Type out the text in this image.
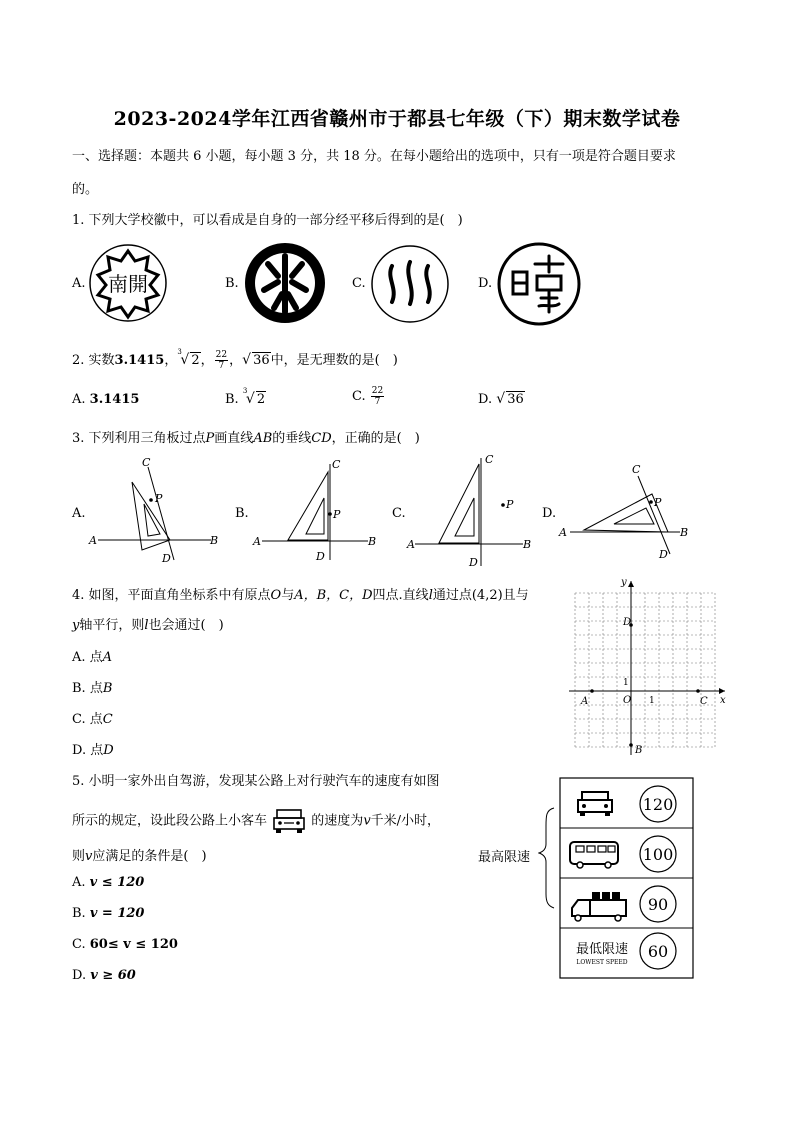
2023-2024学年江西省赣州市于都县七年级（下）期末数学试卷
一、选择题：本题共 6 小题，每小题 3 分，共 18 分。在每小题给出的选项中，只有一项是符合题目要求
的。
1. 下列大学校徽中，可以看成是自身的一部分经平移后得到的是(　)
A.	B.	C.	D.
南開
2. 实数3.1415，
3
√ 2， $\frac{22}{7}$ ， √ 36中，是无理数的是(　)
A. 3.1415	B.
3
√ 2	C. $\frac{22}{7}$	D. √ 36
3. 下列利用三角板过点P画直线AB的垂线CD，正确的是(　)
A.	B.	C.	D.
C
P
A	B
D
C
P
A	B
D
C
P
A	B
D
C
P
A	B
D
4. 如图，平面直角坐标系中有原点O与A，B，C，D四点.直线l通过点(4,2)且与
y轴平行，则l也会通过(　)
A. 点A
B. 点B
C. 点C
D. 点D
y
x
O
1
1
A
B
C
D
5. 小明一家外出自驾游，发现某公路上对行驶汽车的速度有如图
所示的规定，设此段公路上小客车	的速度为v千米/小时，
则v应满足的条件是(　)
A. v ≤ 120
B. v = 120
C. 60≤ v ≤ 120
D. v ≥ 60
最高限速
120
100
90
60
最低限速
LOWEST SPEED
